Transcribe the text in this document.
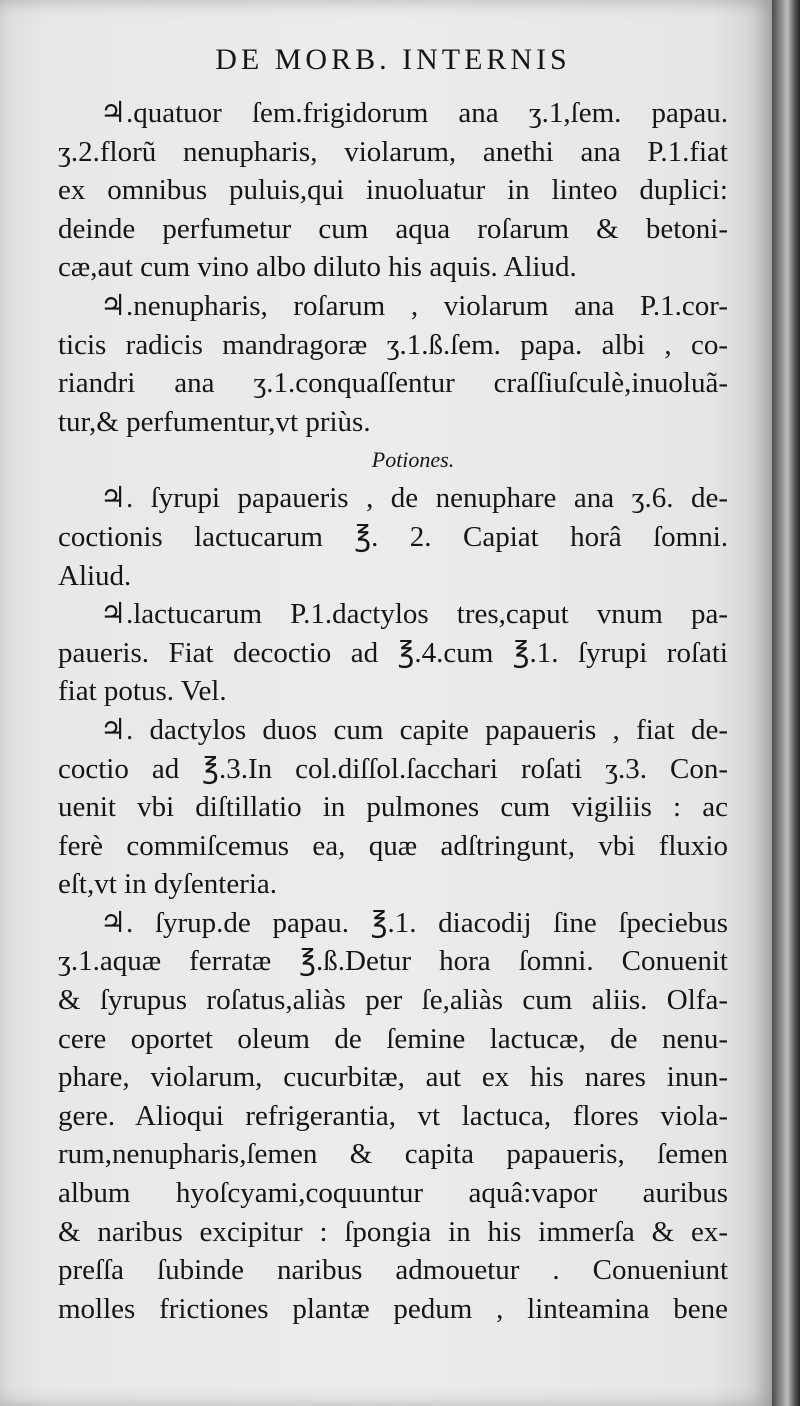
DE MORB. INTERNIS
♃.quatuor ſem.frigidorum ana ʒ.1,ſem. papau.
ʒ.2.florũ nenupharis, violarum, anethi ana P.1.fiat
ex omnibus puluis,qui inuoluatur in linteo duplici:
deinde perfumetur cum aqua roſarum & betoni-
cæ,aut cum vino albo diluto his aquis. Aliud.
♃.nenupharis, roſarum , violarum ana P.1.cor-
ticis radicis mandragoræ ʒ.1.ß.ſem. papa. albi , co-
riandri ana ʒ.1.conquaſſentur craſſiuſculè,inuoluã-
tur,& perfumentur,vt priùs.
Potiones.
♃. ſyrupi papaueris , de nenuphare ana ʒ.6. de-
coctionis lactucarum ℥. 2. Capiat horâ ſomni.
Aliud.
♃.lactucarum P.1.dactylos tres,caput vnum pa-
paueris. Fiat decoctio ad ℥.4.cum ℥.1. ſyrupi roſati
fiat potus. Vel.
♃. dactylos duos cum capite papaueris , fiat de-
coctio ad ℥.3.In col.diſſol.ſacchari roſati ʒ.3. Con-
uenit vbi diſtillatio in pulmones cum vigiliis : ac
ferè commiſcemus ea, quæ adſtringunt, vbi fluxio
eſt,vt in dyſenteria.
♃. ſyrup.de papau. ℥.1. diacodij ſine ſpeciebus
ʒ.1.aquæ ferratæ ℥.ß.Detur hora ſomni. Conuenit
& ſyrupus roſatus,aliàs per ſe,aliàs cum aliis. Olfa-
cere oportet oleum de ſemine lactucæ, de nenu-
phare, violarum, cucurbitæ, aut ex his nares inun-
gere. Alioqui refrigerantia, vt lactuca, flores viola-
rum,nenupharis,ſemen & capita papaueris, ſemen
album hyoſcyami,coquuntur aquâ:vapor auribus
& naribus excipitur : ſpongia in his immerſa & ex-
preſſa ſubinde naribus admouetur . Conueniunt
molles frictiones plantæ pedum , linteamina bene
